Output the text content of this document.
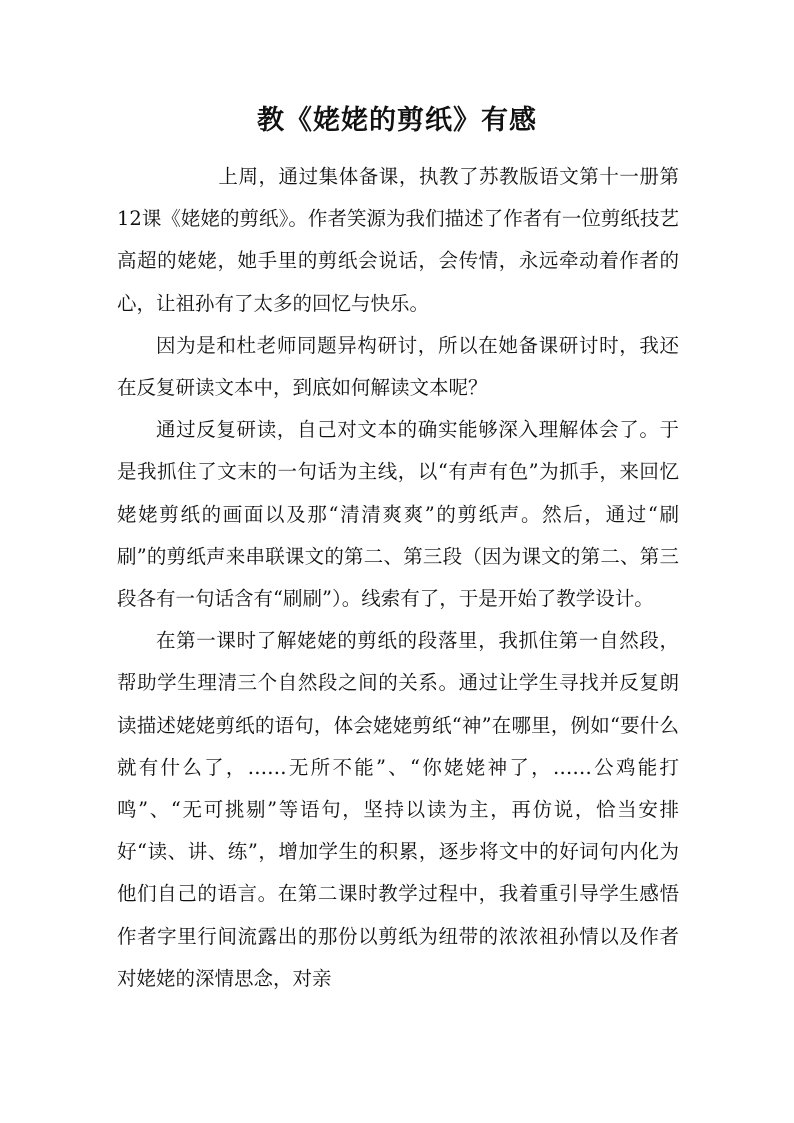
教《姥姥的剪纸》有感

上周，通过集体备课，执教了苏教版语文第十一册第12课《姥姥的剪纸》。作者笑源为我们描述了作者有一位剪纸技艺高超的姥姥，她手里的剪纸会说话，会传情，永远牵动着作者的心，让祖孙有了太多的回忆与快乐。

因为是和杜老师同题异构研讨，所以在她备课研讨时，我还在反复研读文本中，到底如何解读文本呢？

通过反复研读，自己对文本的确实能够深入理解体会了。于是我抓住了文末的一句话为主线，以“有声有色”为抓手，来回忆姥姥剪纸的画面以及那“清清爽爽”的剪纸声。然后，通过“刷刷”的剪纸声来串联课文的第二、第三段（因为课文的第二、第三段各有一句话含有“刷刷”）。线索有了，于是开始了教学设计。

在第一课时了解姥姥的剪纸的段落里，我抓住第一自然段，帮助学生理清三个自然段之间的关系。通过让学生寻找并反复朗读描述姥姥剪纸的语句，体会姥姥剪纸“神”在哪里，例如“要什么就有什么了，……无所不能”、“你姥姥神了，……公鸡能打鸣”、“无可挑剔”等语句，坚持以读为主，再仿说，恰当安排好“读、讲、练”，增加学生的积累，逐步将文中的好词句内化为他们自己的语言。在第二课时教学过程中，我着重引导学生感悟作者字里行间流露出的那份以剪纸为纽带的浓浓祖孙情以及作者对姥姥的深情思念，对亲
